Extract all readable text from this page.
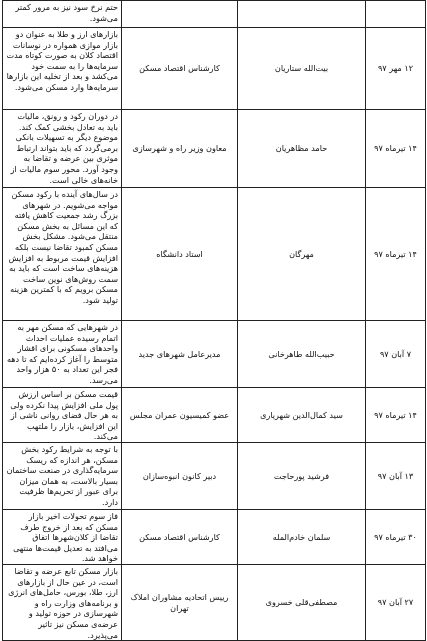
			حتم نرخ سود نیز به مرور کمتر می‌شود.
۱۲ مهر ۹۷	بیت‌الله ستاریان	کارشناس اقتصاد مسکن	بازارهای ارز و طلا به عنوان دو بازار موازی همواره در نوسانات اقتصاد کلان به صورت کوتاه مدت سرمایه‌ها را به سمت خود می‌کشد و بعد از تخلیه این بازارها سرمایه‌ها وارد مسکن می‌شود.
۱۴ تیرماه ۹۷	حامد مظاهریان	معاون وزیر راه و شهرسازی	در دوران رکود و رونق، مالیات باید به تعادل بخشی کمک کند. موضوع دیگر به تسهیلات بانکی برمی‌گردد که باید بتواند ارتباط موثری بین عرضه و تقاضا به وجود آورد. محور سوم مالیات از خانه‌های خالی است.
۱۴ تیرماه ۹۷	مهرگان	استاد دانشگاه	در سال‌های آینده با رکود مسکن مواجه می‌شویم. در شهرهای بزرگ رشد جمعیت کاهش یافته که این مسائل به بخش مسکن منتقل می‌شود. مشکل بخش مسکن کمبود تقاضا نیست بلکه افزایش قیمت مربوط به افزایش هزینه‌های ساخت است که باید به سمت روش‌های نوین ساخت مسکن برویم که با کمترین هزینه تولید شود.
۷ آبان ۹۷	حبیب‌الله طاهرخانی	مدیرعامل شهرهای جدید	در شهرهایی که مسکن مهر به اتمام رسیده عملیات احداث واحدهای مسکونی برای اقشار متوسط را آغاز کرده‌ایم که تا دهه فجر این تعداد به ۵۰ هزار واحد می‌رسد.
۱۴ تیرماه ۹۷	سید کمال‌الدین شهریاری	عضو کمیسیون عمران مجلس	قیمت مسکن بر اساس ارزش پول ملی افزایش پیدا نکرده ولی به هر حال فضای روانی ناشی از این افزایش، بازار را ملتهب می‌کند.
۱۳ آبان ۹۷	فرشید پورحاجت	دبیر کانون انبوه‌سازان	با توجه به شرایط رکود بخش مسکن، هر اندازه که ریسک سرمایه‌گذاری در صنعت ساختمان بسیار بالاست، به همان میزان برای عبور از تحریم‌ها ظرفیت دارد.
۳۰ تیرماه ۹۷	سلمان خادم‌المله	کارشناس اقتصاد مسکن	فاز سوم تحولات اخیر بازار مسکن که بعد از خروج طرف تقاضا از کلان‌شهرها اتفاق می‌افتد به تعدیل قیمت‌ها منتهی خواهد شد.
۲۷ آبان ۹۷	مصطفی‌قلی خسروی	رییس اتحادیه مشاوران املاک تهران	بازار مسکن تابع عرضه و تقاضا است، در عین حال از بازارهای ارز، طلا، بورس، حامل‌های انرژی و برنامه‌های وزارت راه و شهرسازی در حوزه تولید و عرضه‌ی مسکن نیز تاثیر می‌پذیرد.
